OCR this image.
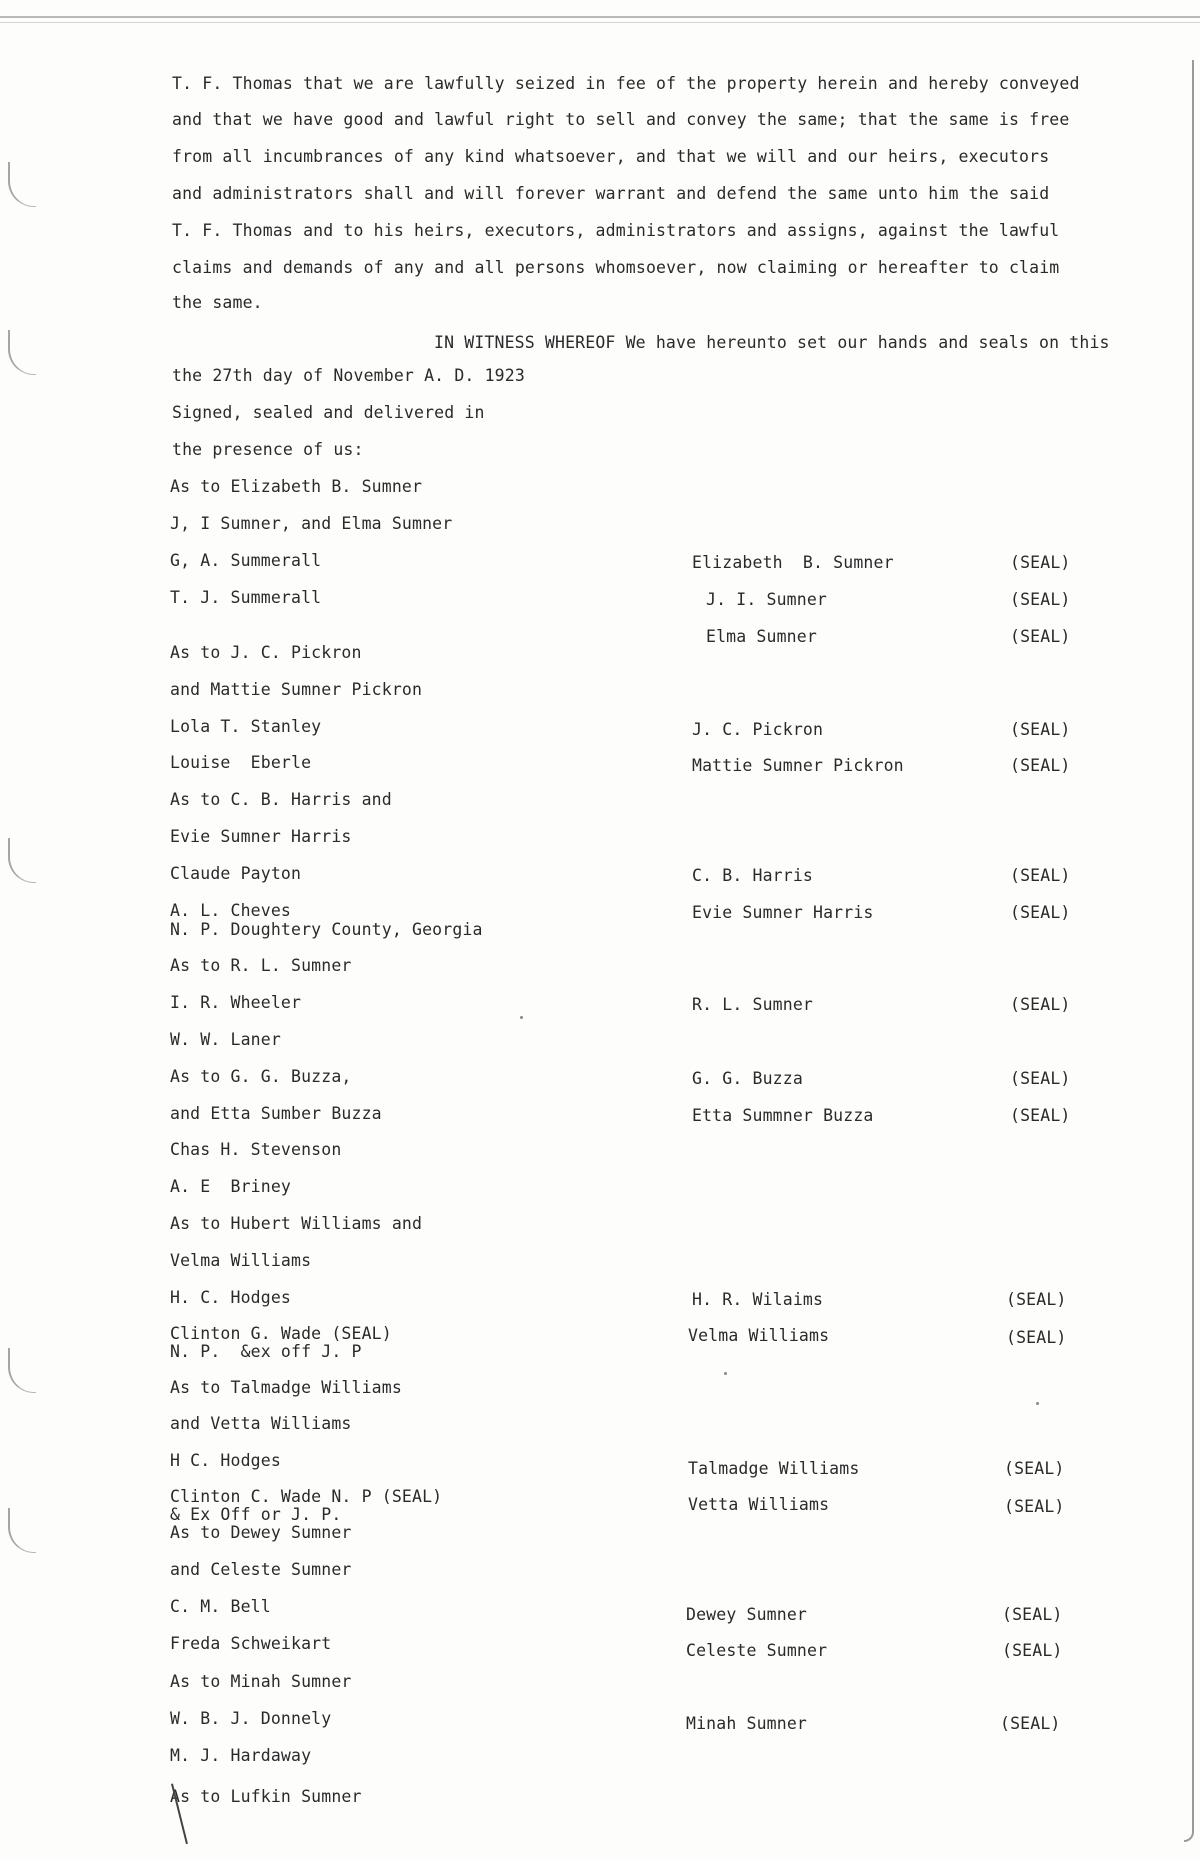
T. F. Thomas that we are lawfully seized in fee of the property herein and hereby conveyed
and that we have good and lawful right to sell and convey the same; that the same is free
from all incumbrances of any kind whatsoever, and that we will and our heirs, executors
and administrators shall and will forever warrant and defend the same unto him the said
T. F. Thomas and to his heirs, executors, administrators and assigns, against the lawful
claims and demands of any and all persons whomsoever, now claiming or hereafter to claim
the same.
IN WITNESS WHEREOF We have hereunto set our hands and seals on this
the 27th day of November A. D. 1923
Signed, sealed and delivered in
the presence of us:
As to Elizabeth B. Sumner
J, I Sumner, and Elma Sumner
G, A. Summerall
T. J. Summerall
As to J. C. Pickron
and Mattie Sumner Pickron
Lola T. Stanley
Louise  Eberle
As to C. B. Harris and
Evie Sumner Harris
Claude Payton
A. L. Cheves
N. P. Doughtery County, Georgia
As to R. L. Sumner
I. R. Wheeler
W. W. Laner
As to G. G. Buzza,
and Etta Sumber Buzza
Chas H. Stevenson
A. E  Briney
As to Hubert Williams and
Velma Williams
H. C. Hodges
Clinton G. Wade (SEAL)
N. P.  &ex off J. P
As to Talmadge Williams
and Vetta Williams
H C. Hodges
Clinton C. Wade N. P (SEAL)
& Ex Off or J. P.
As to Dewey Sumner
and Celeste Sumner
C. M. Bell
Freda Schweikart
As to Minah Sumner
W. B. J. Donnely
M. J. Hardaway
As to Lufkin Sumner
Elizabeth  B. Sumner
J. I. Sumner
Elma Sumner
J. C. Pickron
Mattie Sumner Pickron
C. B. Harris
Evie Sumner Harris
R. L. Sumner
G. G. Buzza
Etta Summner Buzza
H. R. Wilaims
Velma Williams
Talmadge Williams
Vetta Williams
Dewey Sumner
Celeste Sumner
Minah Sumner
(SEAL)
(SEAL)
(SEAL)
(SEAL)
(SEAL)
(SEAL)
(SEAL)
(SEAL)
(SEAL)
(SEAL)
(SEAL)
(SEAL)
(SEAL)
(SEAL)
(SEAL)
(SEAL)
(SEAL)
